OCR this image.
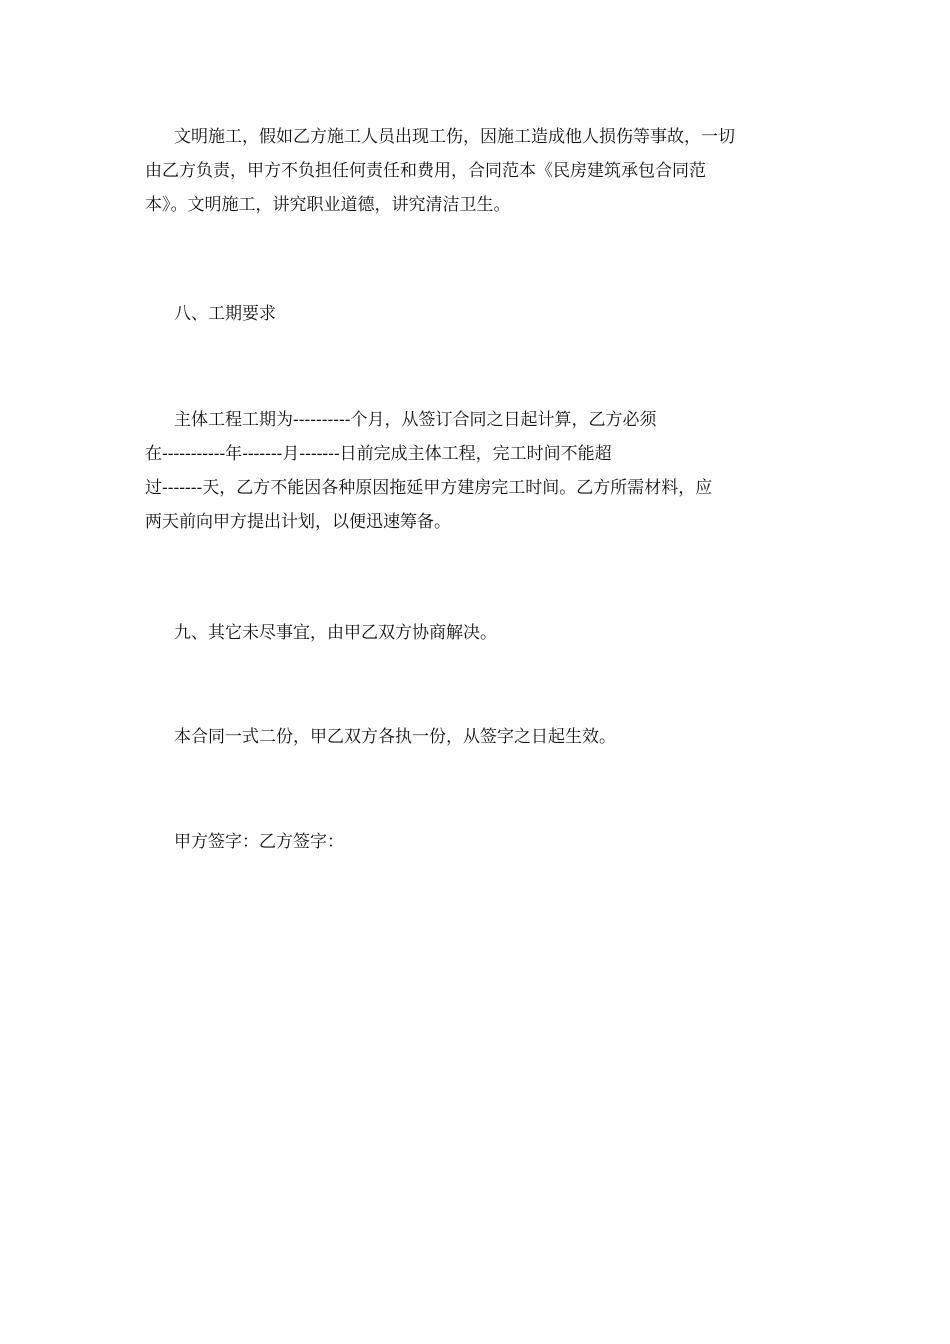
文明施工，假如乙方施工人员出现工伤，因施工造成他人损伤等事故，一切
由乙方负责，甲方不负担任何责任和费用，合同范本《民房建筑承包合同范
本》。文明施工，讲究职业道德，讲究清洁卫生。
八、工期要求
主体工程工期为----------个月，从签订合同之日起计算，乙方必须
在-----------年-------月-------日前完成主体工程，完工时间不能超
过-------天，乙方不能因各种原因拖延甲方建房完工时间。乙方所需材料，应
两天前向甲方提出计划，以便迅速筹备。
九、其它未尽事宜，由甲乙双方协商解决。
本合同一式二份，甲乙双方各执一份，从签字之日起生效。
甲方签字：乙方签字：
